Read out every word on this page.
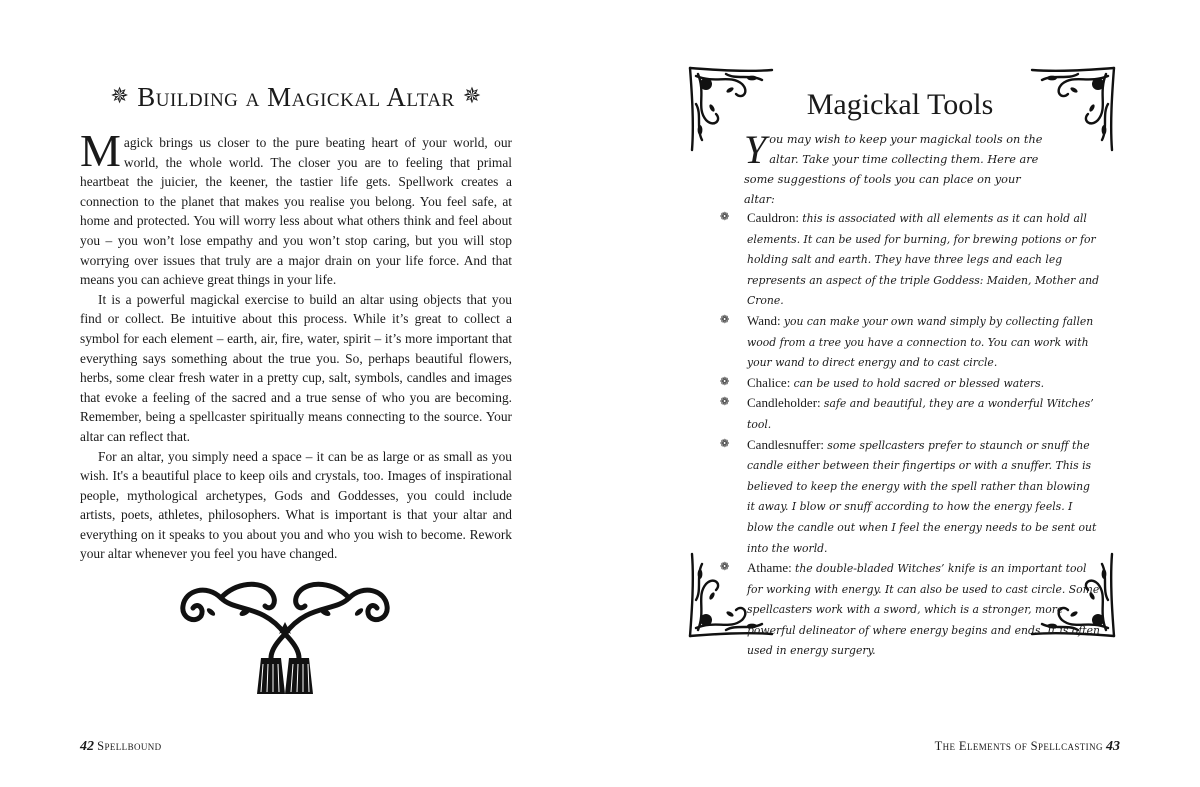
✵ Building a Magickal Altar ✵

Magick brings us closer to the pure beating heart of your world, our world, the whole world. The closer you are to feeling that primal heartbeat the juicier, the keener, the tastier life gets. Spellwork creates a connection to the planet that makes you realise you belong. You feel safe, at home and protected. You will worry less about what others think and feel about you – you won’t lose empathy and you won’t stop caring, but you will stop worrying over issues that truly are a major drain on your life force. And that means you can achieve great things in your life.

It is a powerful magickal exercise to build an altar using objects that you find or collect. Be intuitive about this process. While it’s great to collect a symbol for each element – earth, air, fire, water, spirit – it’s more important that everything says something about the true you. So, perhaps beautiful flowers, herbs, some clear fresh water in a pretty cup, salt, symbols, candles and images that evoke a feeling of the sacred and a true sense of who you are becoming. Remember, being a spellcaster spiritually means connecting to the source. Your altar can reflect that.

For an altar, you simply need a space – it can be as large or as small as you wish. It's a beautiful place to keep oils and crystals, too. Images of inspirational people, mythological archetypes, Gods and Goddesses, you could include artists, poets, athletes, philosophers. What is important is that your altar and everything on it speaks to you about you and who you wish to become. Rework your altar whenever you feel you have changed.

42 Spellbound
Magickal Tools
You may wish to keep your magickal tools on the altar. Take your time collecting them. Here are some suggestions of tools you can place on your altar:
❁ Cauldron: this is associated with all elements as it can hold all elements. It can be used for burning, for brewing potions or for holding salt and earth. They have three legs and each leg represents an aspect of the triple Goddess: Maiden, Mother and Crone.
❁ Wand: you can make your own wand simply by collecting fallen wood from a tree you have a connection to. You can work with your wand to direct energy and to cast circle.
❁ Chalice: can be used to hold sacred or blessed waters.
❁ Candleholder: safe and beautiful, they are a wonderful Witches’ tool.
❁ Candlesnuffer: some spellcasters prefer to staunch or snuff the candle either between their fingertips or with a snuffer. This is believed to keep the energy with the spell rather than blowing it away. I blow or snuff according to how the energy feels. I blow the candle out when I feel the energy needs to be sent out into the world.
❁ Athame: the double-bladed Witches’ knife is an important tool for working with energy. It can also be used to cast circle. Some spellcasters work with a sword, which is a stronger, more powerful delineator of where energy begins and ends. It is often used in energy surgery.
The Elements of Spellcasting 43
